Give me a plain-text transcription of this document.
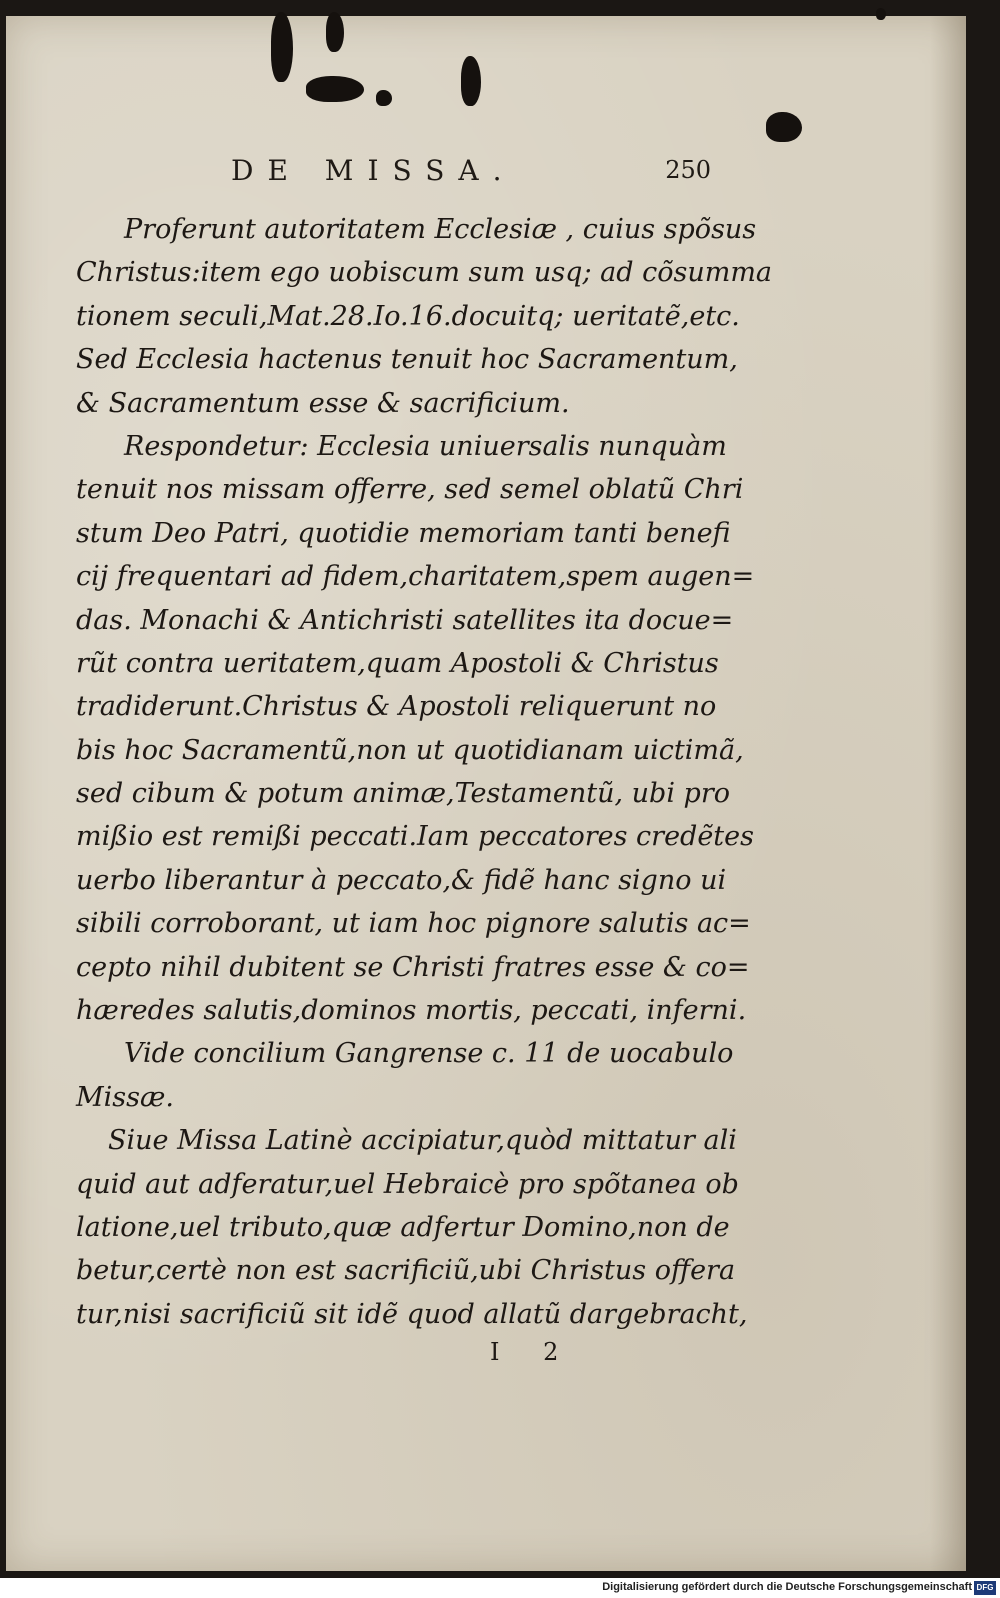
DE MISSA.	250
Proferunt autoritatem Ecclesiæ , cuius spõsus
Christus:item ego uobiscum sum usq; ad cõsumma
tionem seculi,Mat.28.Io.16.docuitq; ueritatẽ,etc.
Sed Ecclesia hactenus tenuit hoc Sacramentum,
& Sacramentum esse & sacrificium.
Respondetur: Ecclesia uniuersalis nunquàm
tenuit nos missam offerre, sed semel oblatũ Chri
stum Deo Patri, quotidie memoriam tanti benefi
cij frequentari ad fidem,charitatem,spem augen=
das. Monachi & Antichristi satellites ita docue=
rũt contra ueritatem,quam Apostoli & Christus
tradiderunt.Christus & Apostoli reliquerunt no
bis hoc Sacramentũ,non ut quotidianam uictimã,
sed cibum & potum animæ,Testamentũ, ubi pro
mißio est remißi peccati.Iam peccatores credẽtes
uerbo liberantur à peccato,& fidẽ hanc signo ui
sibili corroborant, ut iam hoc pignore salutis ac=
cepto nihil dubitent se Christi fratres esse & co=
hæredes salutis,dominos mortis, peccati, inferni.
Vide concilium Gangrense c. 11 de uocabulo
Missæ.
Siue Missa Latinè accipiatur,quòd mittatur ali
quid aut adferatur,uel Hebraicè pro spõtanea ob
latione,uel tributo,quæ adfertur Domino,non de
betur,certè non est sacrificiũ,ubi Christus offera
tur,nisi sacrificiũ sit idẽ quod allatũ dargebracht,
I 2
Digitalisierung gefördert durch die Deutsche Forschungsgemeinschaft DFG
